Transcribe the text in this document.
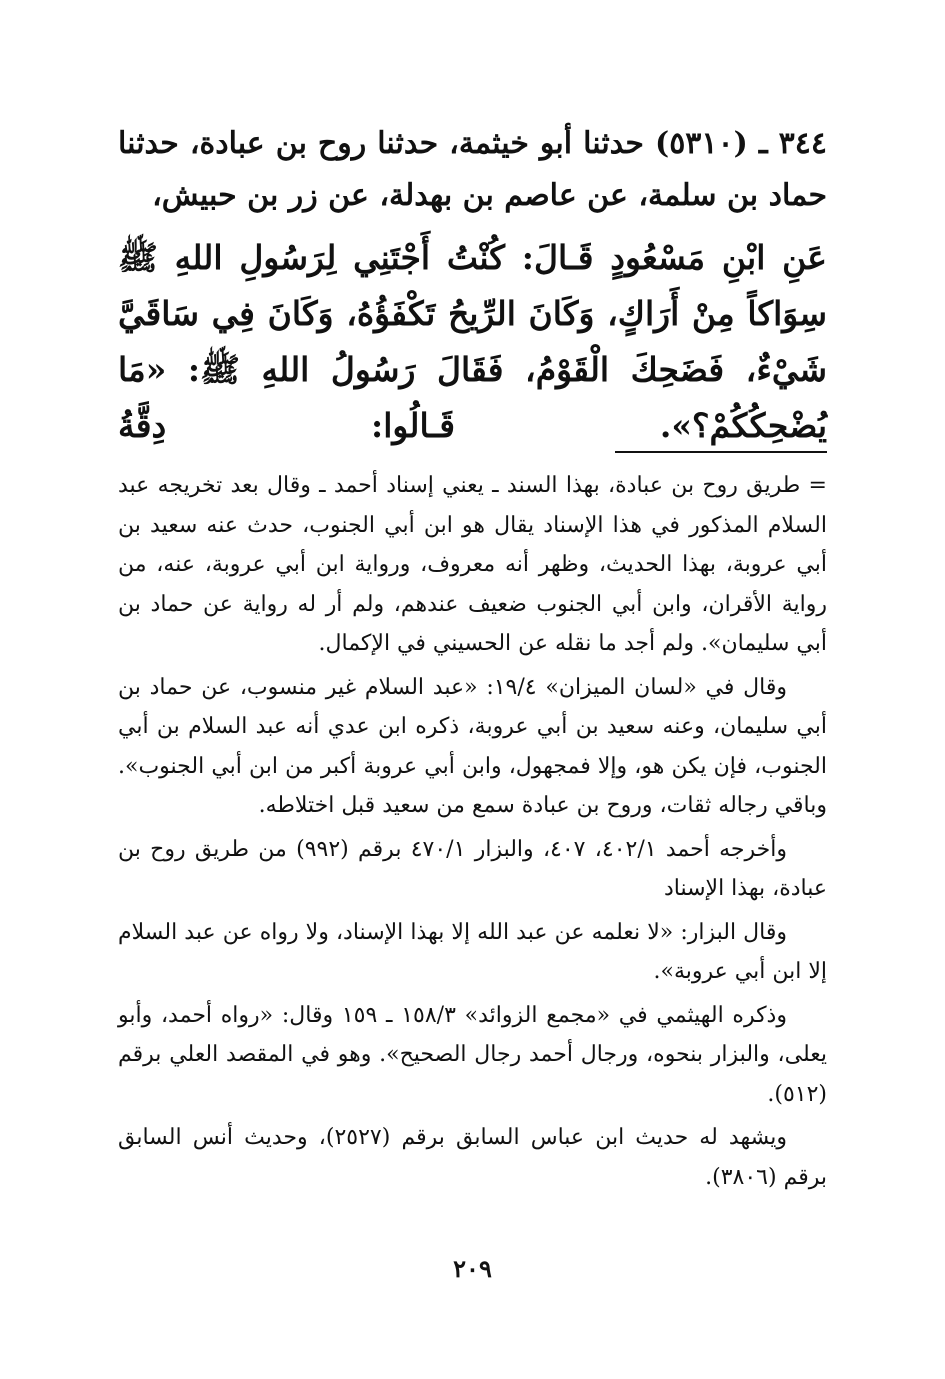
٣٤٤ ـ (٥٣١٠) حدثنا أبو خيثمة، حدثنا روح بن عبادة، حدثنا حماد بن سلمة، عن عاصم بن بهدلة، عن زر بن حبيش،

عَنِ ابْنِ مَسْعُودٍ قَـالَ: كُنْتُ أَجْتَنِي لِرَسُولِ اللهِ ﷺ سِوَاكاً مِنْ أَرَاكٍ، وَكَانَ الرِّيحُ تَكْفَؤُهُ، وَكَانَ فِي سَاقَيَّ شَيْءٌ، فَضَحِكَ الْقَوْمُ، فَقَالَ رَسُولُ اللهِ ﷺ: «مَا يُضْحِكُكُمْ؟». قَـالُوا: دِقَّةُ

= طريق روح بن عبادة، بهذا السند ـ يعني إسناد أحمد ـ وقال بعد تخريجه عبد السلام المذكور في هذا الإسناد يقال هو ابن أبي الجنوب، حدث عنه سعيد بن أبي عروبة، بهذا الحديث، وظهر أنه معروف، ورواية ابن أبي عروبة، عنه، من رواية الأقران، وابن أبي الجنوب ضعيف عندهم، ولم أر له رواية عن حماد بن أبي سليمان». ولم أجد ما نقله عن الحسيني في الإكمال.

وقال في «لسان الميزان» ١٩/٤: «عبد السلام غير منسوب، عن حماد بن أبي سليمان، وعنه سعيد بن أبي عروبة، ذكره ابن عدي أنه عبد السلام بن أبي الجنوب، فإن يكن هو، وإلا فمجهول، وابن أبي عروبة أكبر من ابن أبي الجنوب». وباقي رجاله ثقات، وروح بن عبادة سمع من سعيد قبل اختلاطه.

وأخرجه أحمد ٤٠٢/١، ٤٠٧، والبزار ٤٧٠/١ برقم (٩٩٢) من طريق روح بن عبادة، بهذا الإسناد

وقال البزار: «لا نعلمه عن عبد الله إلا بهذا الإسناد، ولا رواه عن عبد السلام إلا ابن أبي عروبة».

وذكره الهيثمي في «مجمع الزوائد» ١٥٨/٣ ـ ١٥٩ وقال: «رواه أحمد، وأبو يعلى، والبزار بنحوه، ورجال أحمد رجال الصحيح». وهو في المقصد العلي برقم (٥١٢).

ويشهد له حديث ابن عباس السابق برقم (٢٥٢٧)، وحديث أنس السابق برقم (٣٨٠٦).

٢٠٩
